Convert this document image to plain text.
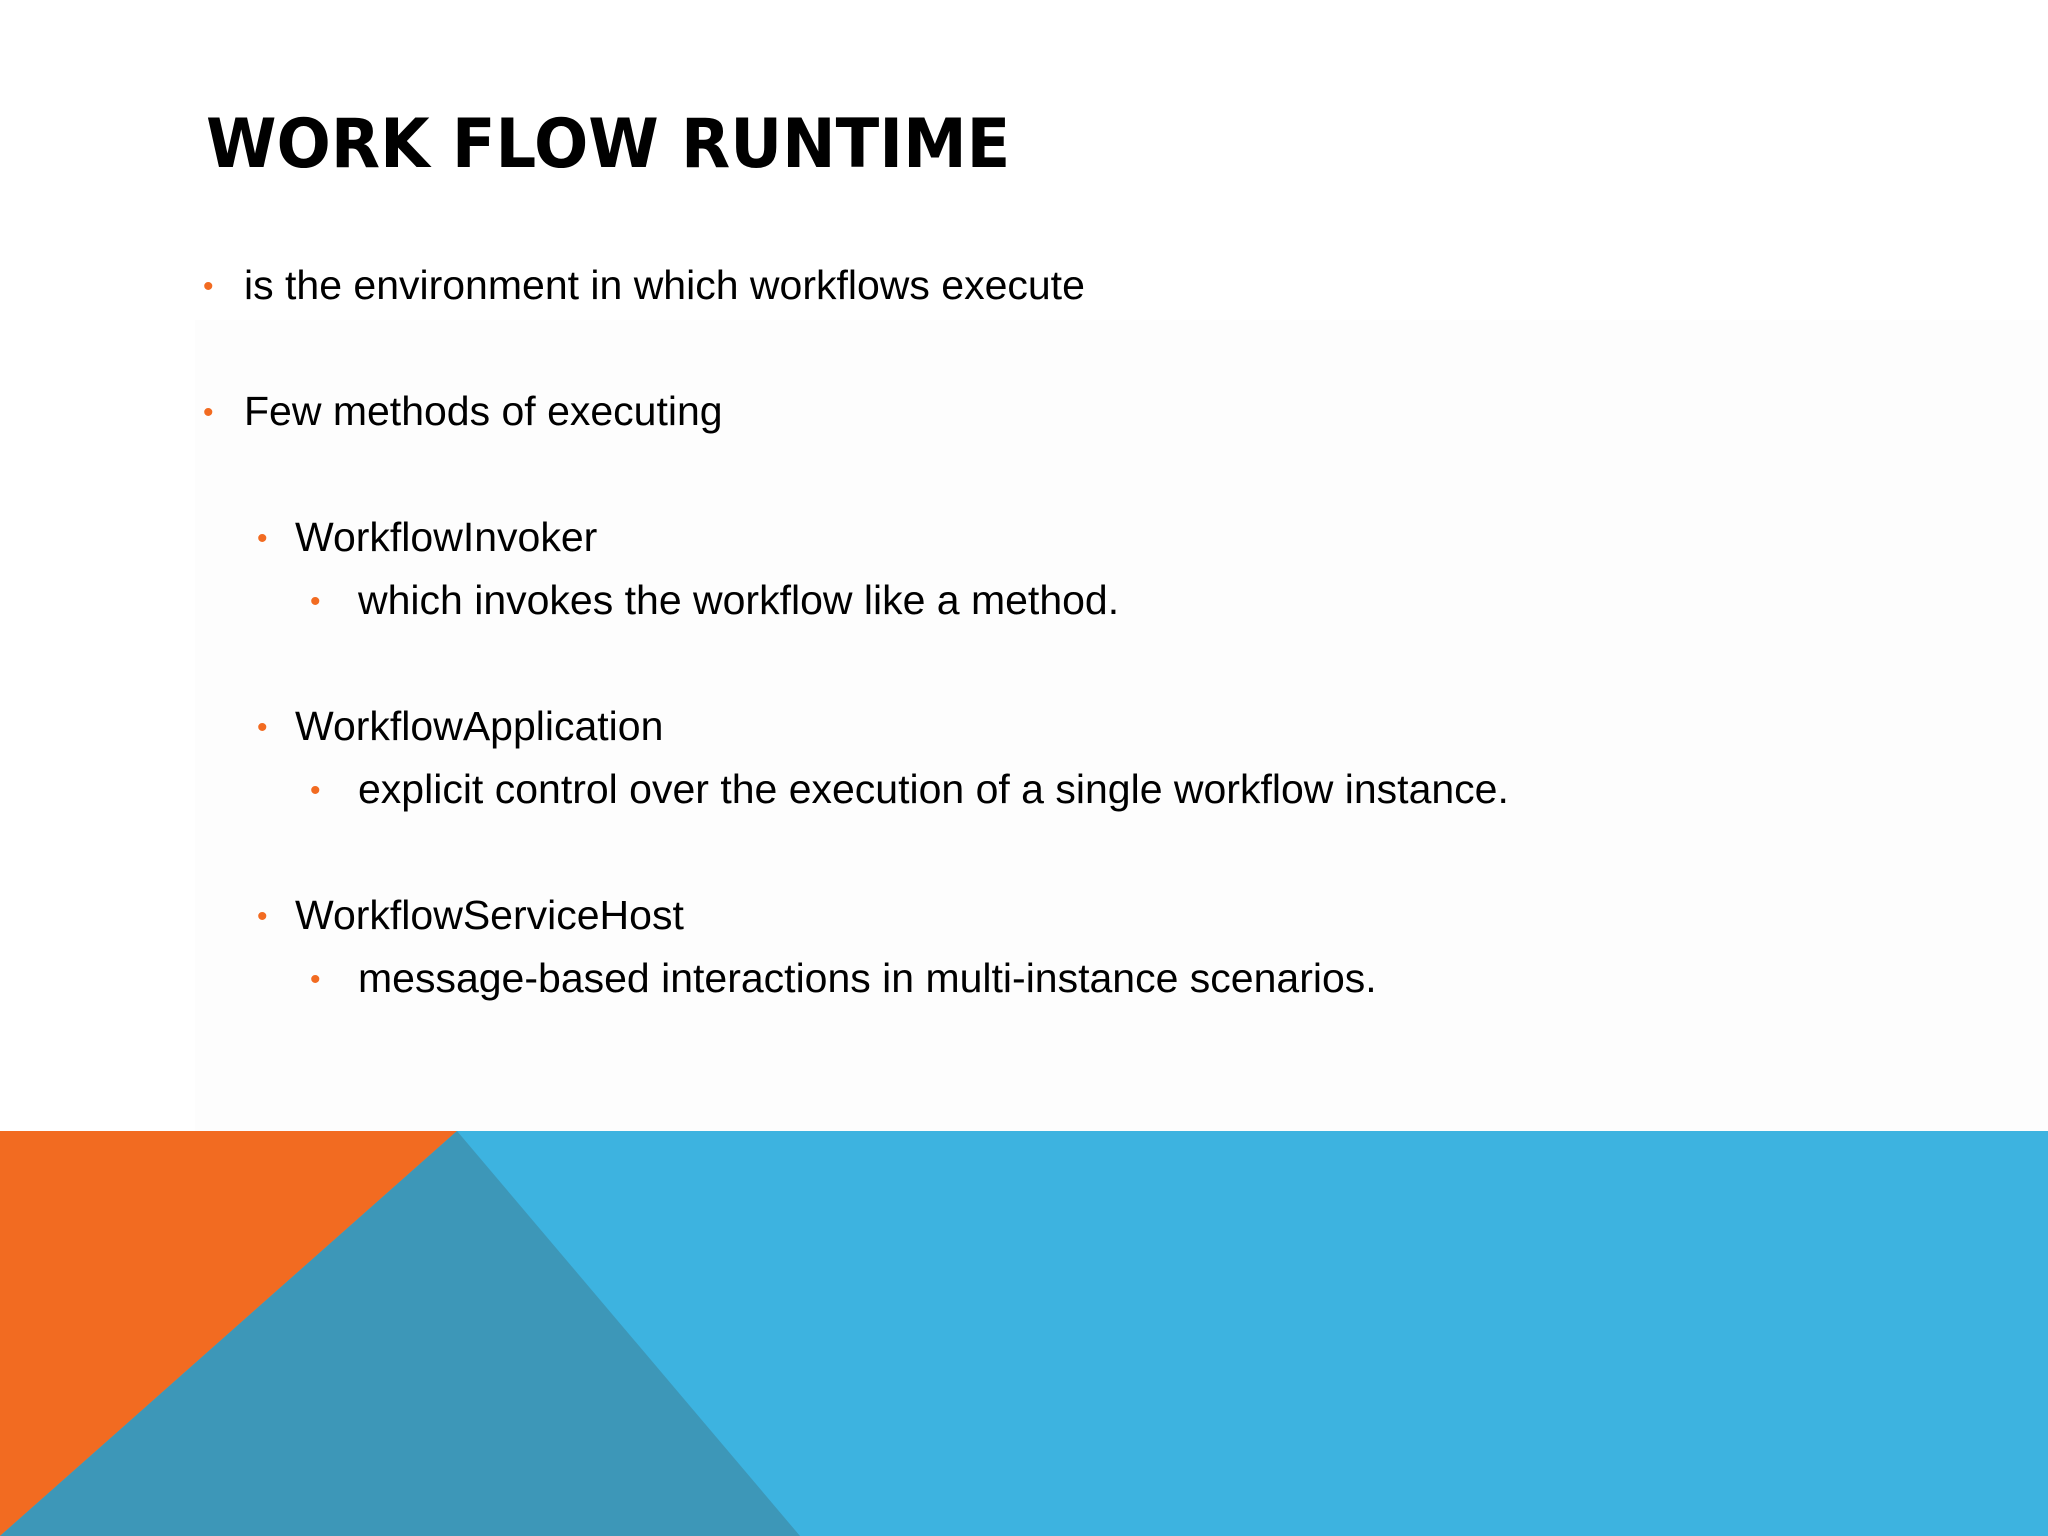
WORK FLOW RUNTIME
• is the environment in which workflows execute
• Few methods of executing
• WorkflowInvoker
• which invokes the workflow like a method.
• WorkflowApplication
• explicit control over the execution of a single workflow instance.
• WorkflowServiceHost
• message-based interactions in multi-instance scenarios.
